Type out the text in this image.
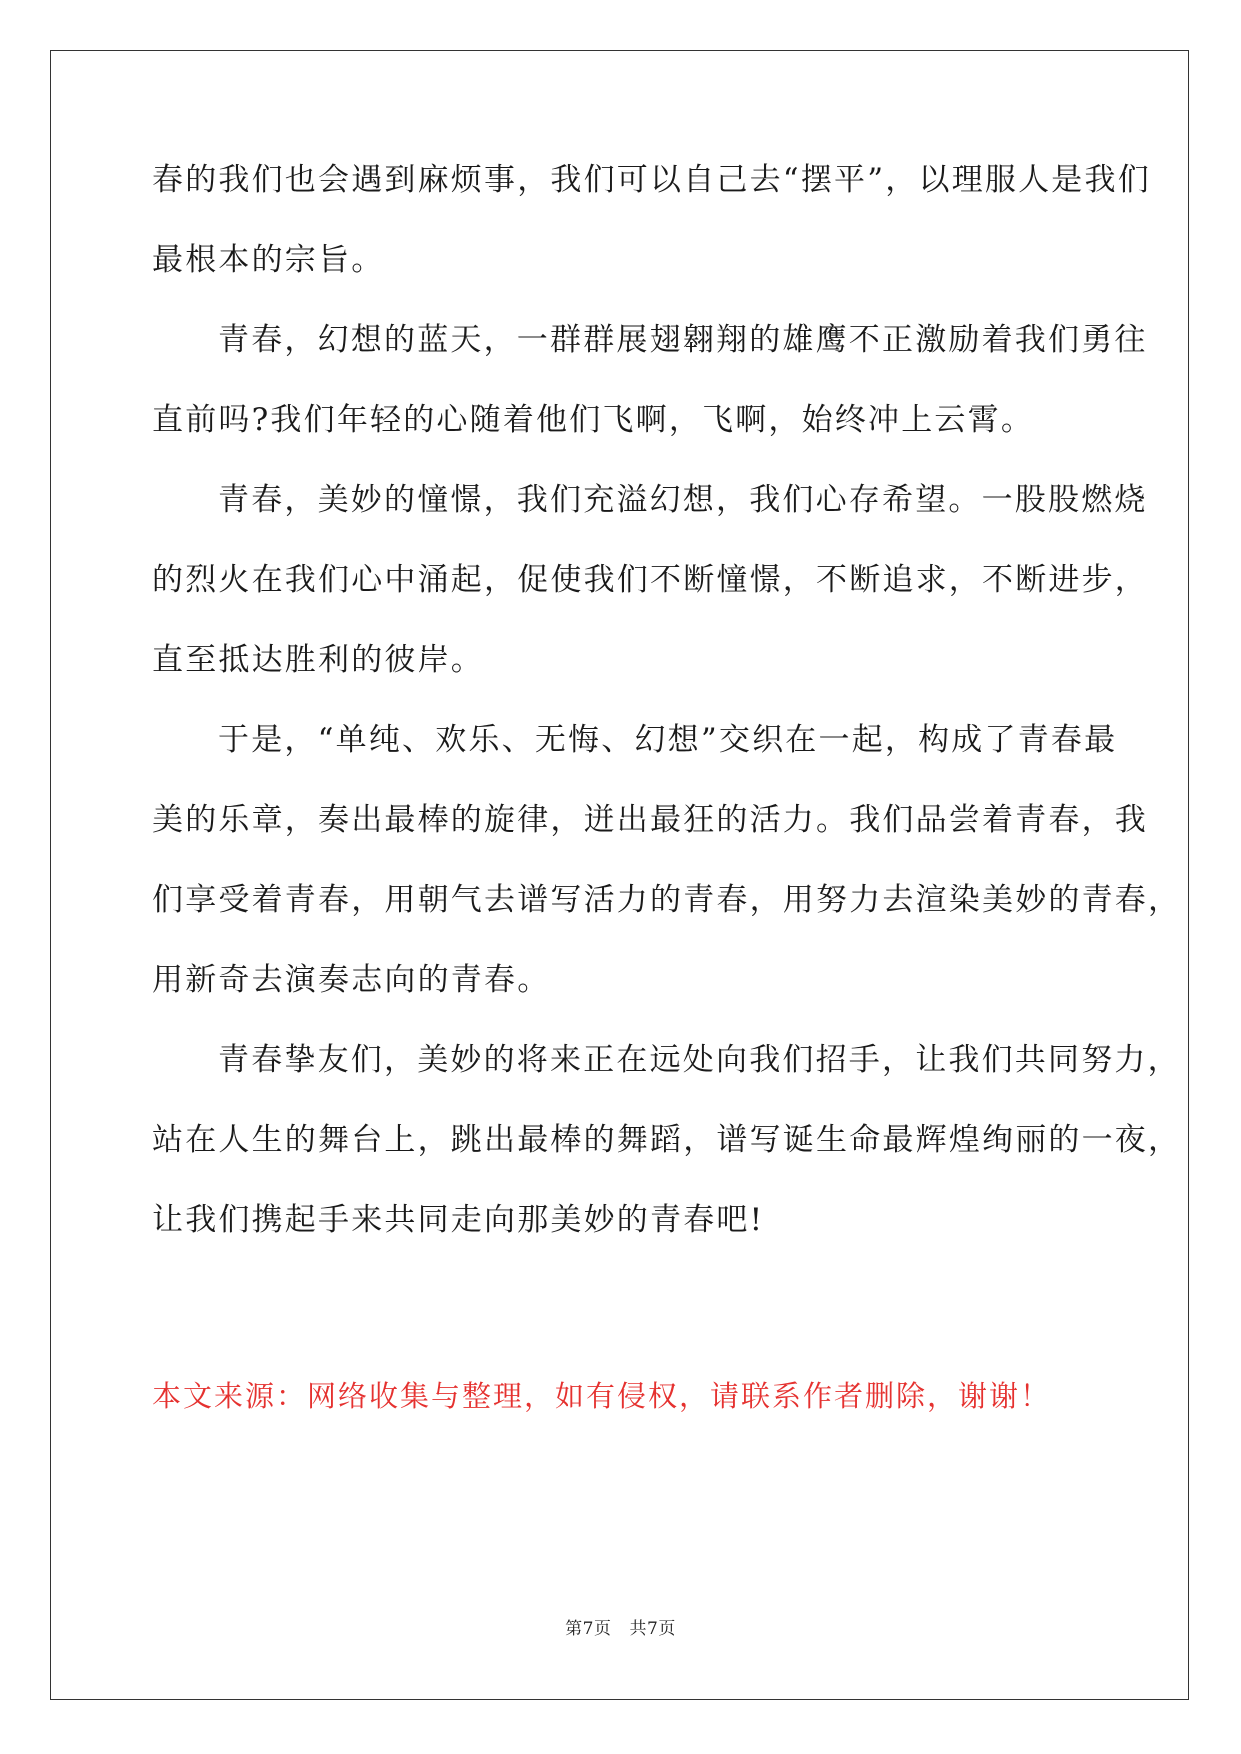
春的我们也会遇到麻烦事，我们可以自己去“摆平”，以理服人是我们
最根本的宗旨。
青春，幻想的蓝天，一群群展翅翱翔的雄鹰不正激励着我们勇往
直前吗?我们年轻的心随着他们飞啊，飞啊，始终冲上云霄。
青春，美妙的憧憬，我们充溢幻想，我们心存希望。一股股燃烧
的烈火在我们心中涌起，促使我们不断憧憬，不断追求，不断进步，
直至抵达胜利的彼岸。
于是，“单纯、欢乐、无悔、幻想”交织在一起，构成了青春最
美的乐章，奏出最棒的旋律，迸出最狂的活力。我们品尝着青春，我
们享受着青春，用朝气去谱写活力的青春，用努力去渲染美妙的青春，
用新奇去演奏志向的青春。
青春挚友们，美妙的将来正在远处向我们招手，让我们共同努力，
站在人生的舞台上，跳出最棒的舞蹈，谱写诞生命最辉煌绚丽的一夜，
让我们携起手来共同走向那美妙的青春吧!
本文来源：网络收集与整理，如有侵权，请联系作者删除，谢谢！
第7页 共7页
